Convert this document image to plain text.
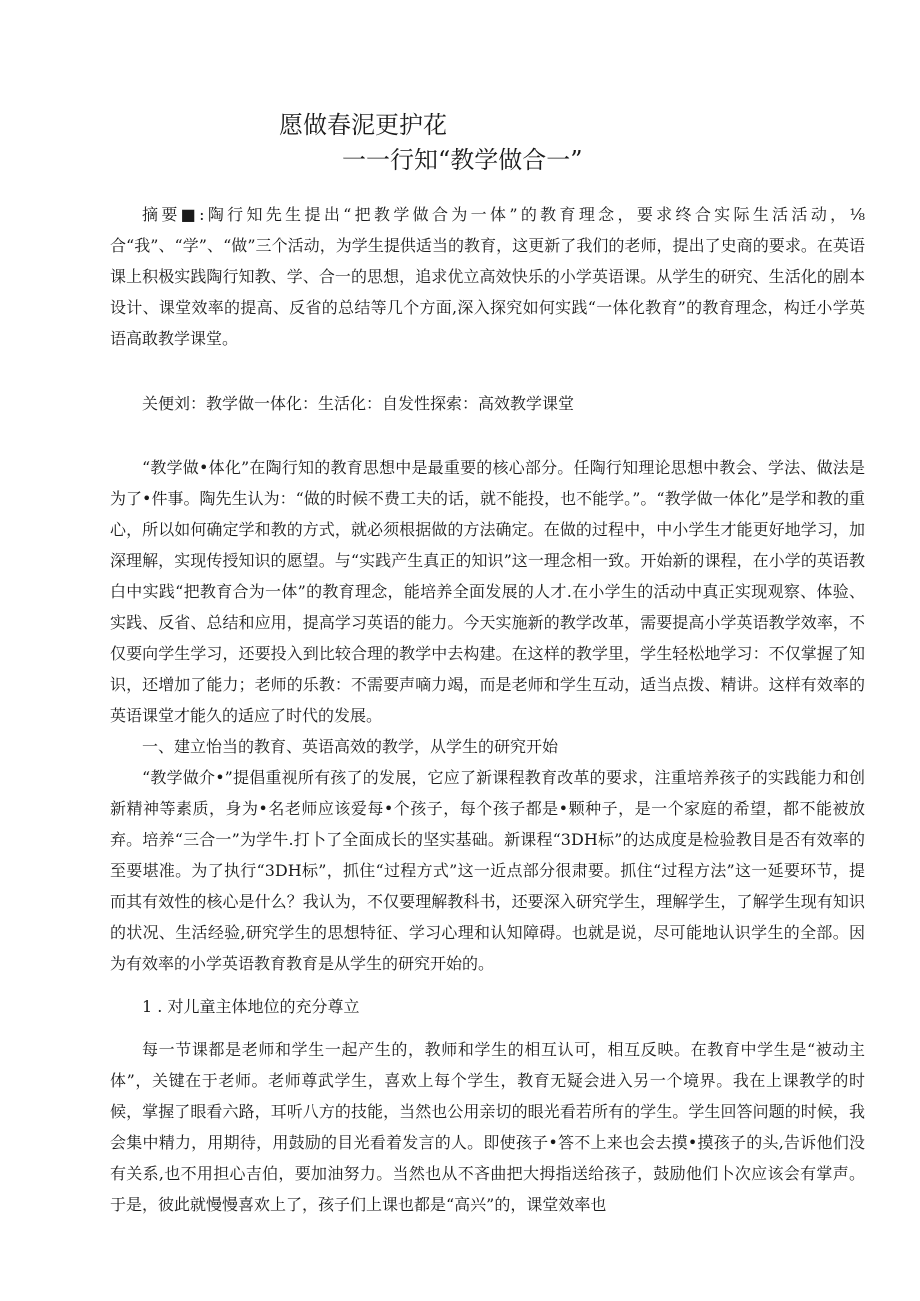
愿做春泥更护花
一一行知“教学做合一”

摘要■:陶行知先生提出“把教学做合为一体”的教育理念，要求终合实际生活活动，⅛合“我”、“学”、“做”三个活动，为学生提供适当的教育，这更新了我们的老师，提出了史商的要求。在英语课上积极实践陶行知教、学、合一的思想，追求优立高效快乐的小学英语课。从学生的研究、生活化的剧本设计、课堂效率的提高、反省的总结等几个方面,深入探究如何实践“一体化教育”的教育理念，构迁小学英语高敢教学课堂。

关便刘：教学做一体化：生活化：自发性探索：高效教学课堂

“教学做•体化”在陶行知的教育思想中是最重要的核心部分。任陶行知理论思想中教会、学法、做法是为了•件事。陶先生认为：“做的时候不费工夫的话，就不能投，也不能学。”。“教学做一体化”是学和教的重心，所以如何确定学和教的方式，就必须根据做的方法确定。在做的过程中，中小学生才能更好地学习，加深理解，实现传授知识的愿望。与“实践产生真正的知识”这一理念相一致。开始新的课程，在小学的英语教白中实践“把教育合为一体”的教育理念，能培养全面发展的人才.在小学生的活动中真正实现观察、体验、实践、反省、总结和应用，提高学习英语的能力。今天实施新的教学改革，需要提高小学英语教学效率，不仅要向学生学习，还要投入到比较合理的教学中去构建。在这样的教学里，学生轻松地学习：不仅掌握了知识，还增加了能力；老师的乐教：不需要声嘀力竭，而是老师和学生互动，适当点拨、精讲。这样有效率的英语课堂才能久的适应了时代的发展。

一、建立怡当的教育、英语高效的教学，从学生的研究开始

“教学做介•”提倡重视所有孩了的发展，它应了新课程教育改革的要求，注重培养孩子的实践能力和创新精神等素质，身为•名老师应该爱每•个孩子，每个孩子都是•颗种子，是一个家庭的希望，都不能被放弃。培养“三合一”为学牛.打卜了全面成长的坚实基础。新课程“3DH标”的达成度是检验教目是否有效率的至要堪准。为了执行“3DH标”，抓住“过程方式”这一近点部分很肃要。抓住“过程方法”这一延要环节，提而其有效性的核心是什么？我认为，不仅要理解教科书，还要深入研究学生，理解学生，了解学生现有知识的状况、生活经验,研究学生的思想特征、学习心理和认知障碍。也就是说，尽可能地认识学生的全部。因为有效率的小学英语教育教育是从学生的研究开始的。

1 . 对儿童主体地位的充分尊立

每一节课都是老师和学生一起产生的，教师和学生的相互认可，相互反映。在教育中学生是“被动主体”，关键在于老师。老师尊武学生，喜欢上每个学生，教育无疑会进入另一个境界。我在上课教学的时候，掌握了眼看六路，耳听八方的技能，当然也公用亲切的眼光看若所有的学生。学生回答问题的时候，我会集中精力，用期待，用鼓励的目光看着发言的人。即使孩子•答不上来也会去摸•摸孩子的头,告诉他们没有关系,也不用担心吉伯，要加油努力。当然也从不吝曲把大拇指送给孩子，鼓励他们卜次应该会有掌声。于是，彼此就慢慢喜欢上了，孩子们上课也都是“高兴”的，课堂效率也
